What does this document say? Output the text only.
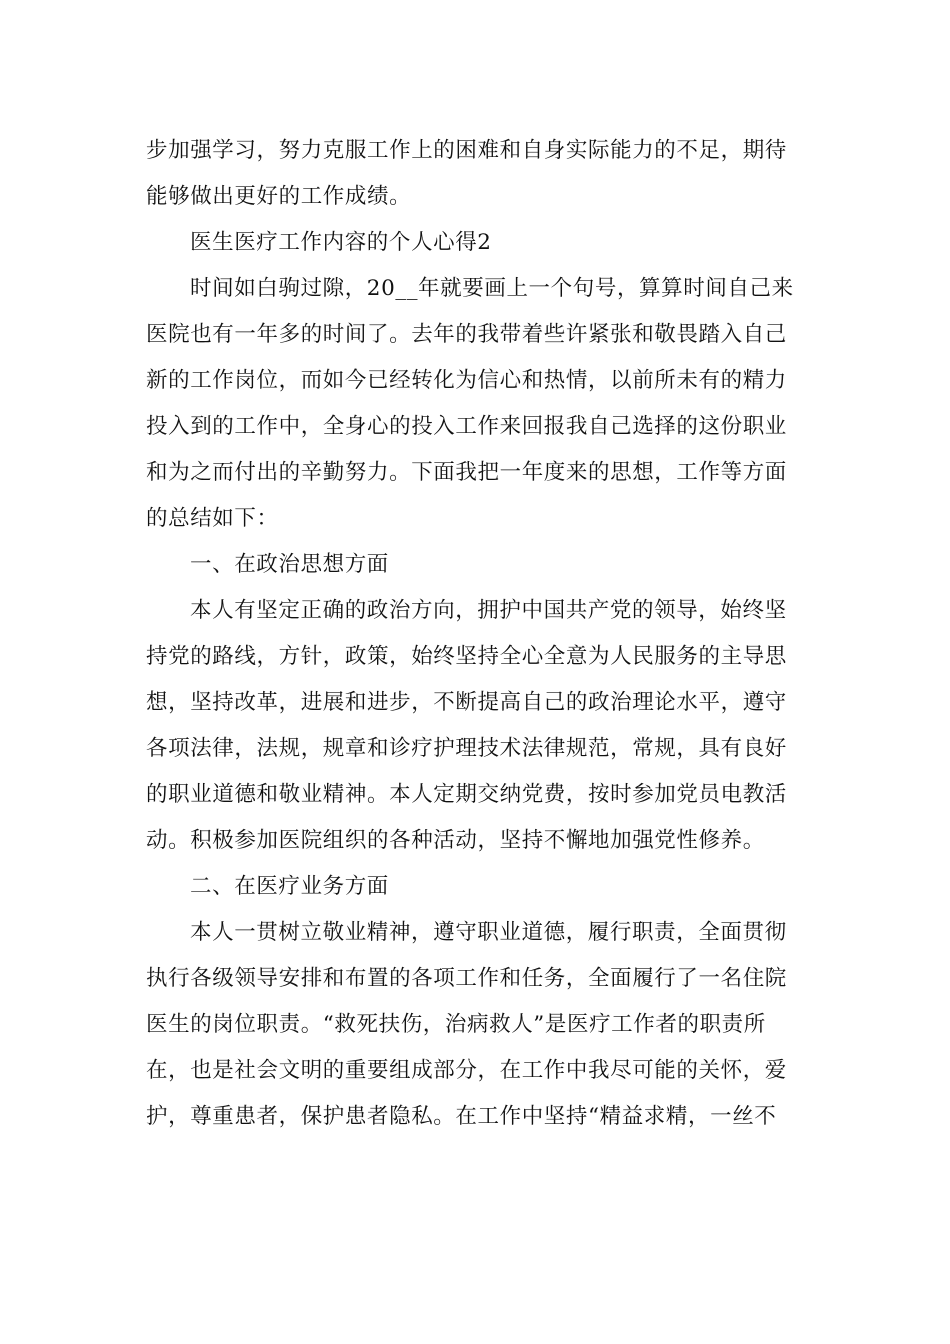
步加强学习，努力克服工作上的困难和自身实际能力的不足，期待
能够做出更好的工作成绩。
医生医疗工作内容的个人心得2
时间如白驹过隙，20__年就要画上一个句号，算算时间自己来
医院也有一年多的时间了。去年的我带着些许紧张和敬畏踏入自己
新的工作岗位，而如今已经转化为信心和热情，以前所未有的精力
投入到的工作中，全身心的投入工作来回报我自己选择的这份职业
和为之而付出的辛勤努力。下面我把一年度来的思想，工作等方面
的总结如下：
一、在政治思想方面
本人有坚定正确的政治方向，拥护中国共产党的领导，始终坚
持党的路线，方针，政策，始终坚持全心全意为人民服务的主导思
想，坚持改革，进展和进步，不断提高自己的政治理论水平，遵守
各项法律，法规，规章和诊疗护理技术法律规范，常规，具有良好
的职业道德和敬业精神。本人定期交纳党费，按时参加党员电教活
动。积极参加医院组织的各种活动，坚持不懈地加强党性修养。
二、在医疗业务方面
本人一贯树立敬业精神，遵守职业道德，履行职责，全面贯彻
执行各级领导安排和布置的各项工作和任务，全面履行了一名住院
医生的岗位职责。“救死扶伤，治病救人”是医疗工作者的职责所
在，也是社会文明的重要组成部分，在工作中我尽可能的关怀，爱
护，尊重患者，保护患者隐私。在工作中坚持“精益求精，一丝不
